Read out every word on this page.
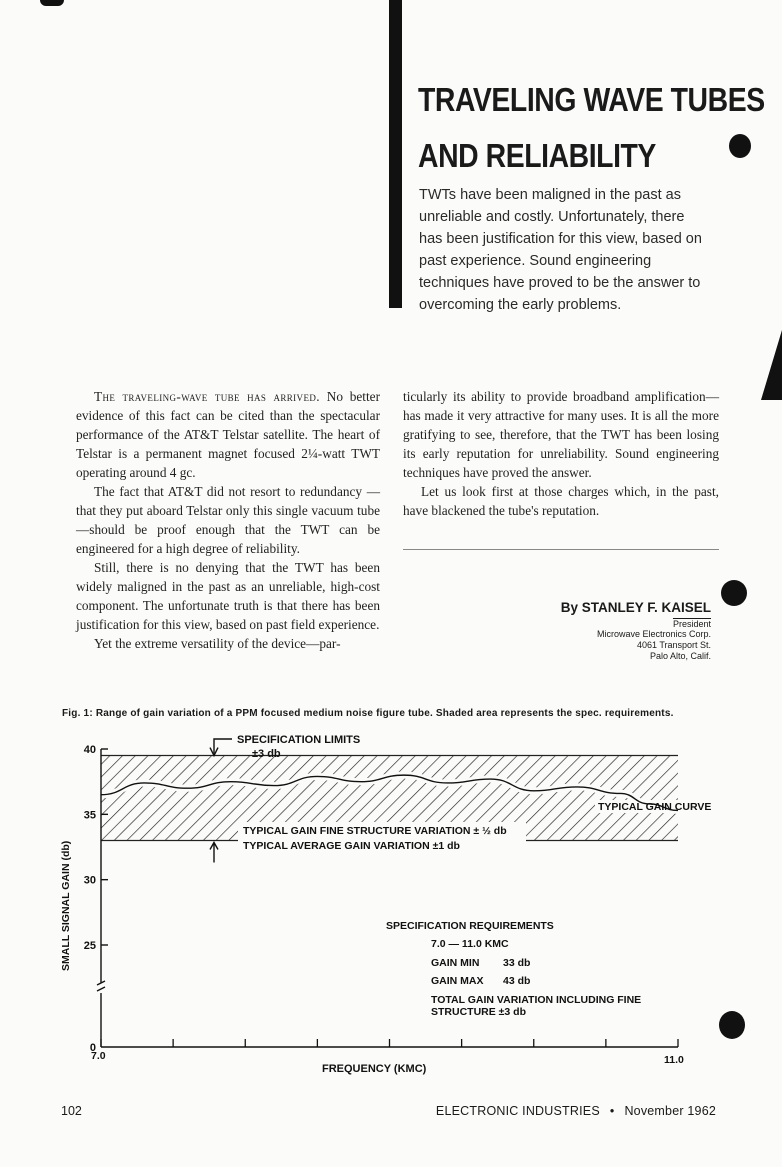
TRAVELING WAVE TUBES
AND RELIABILITY

TWTs have been maligned in the past as unreliable and costly. Unfortunately, there has been justification for this view, based on past experience. Sound engineering techniques have proved to be the answer to overcoming the early problems.

The traveling-wave tube has arrived. No better evidence of this fact can be cited than the spectacular performance of the AT&T Telstar satellite. The heart of Telstar is a permanent magnet focused 2¼-watt TWT operating around 4 gc.

The fact that AT&T did not resort to redundancy —that they put aboard Telstar only this single vacuum tube—should be proof enough that the TWT can be engineered for a high degree of reliability.

Still, there is no denying that the TWT has been widely maligned in the past as an unreliable, high-cost component. The unfortunate truth is that there has been justification for this view, based on past field experience.

Yet the extreme versatility of the device—par-

ticularly its ability to provide broadband amplification—has made it very attractive for many uses. It is all the more gratifying to see, therefore, that the TWT has been losing its early reputation for unreliability. Sound engineering techniques have proved the answer.

Let us look first at those charges which, in the past, have blackened the tube's reputation.

By STANLEY F. KAISEL
President
Microwave Electronics Corp.
4061 Transport St.
Palo Alto, Calif.
Fig. 1: Range of gain variation of a PPM focused medium noise figure tube. Shaded area represents the spec. requirements.
0
25
30
35
40
7.0	11.0
SPECIFICATION LIMITS
±3 db
TYPICAL GAIN CURVE
TYPICAL GAIN FINE STRUCTURE VARIATION ± ½ db
TYPICAL AVERAGE GAIN VARIATION ±1 db
SPECIFICATION REQUIREMENTS
7.0 — 11.0 KMC
GAIN MIN 33 db
GAIN MAX 43 db
TOTAL GAIN VARIATION INCLUDING FINE
STRUCTURE ±3 db
FREQUENCY (KMC)
SMALL SIGNAL GAIN (db)
102	ELECTRONIC INDUSTRIES • November 1962
